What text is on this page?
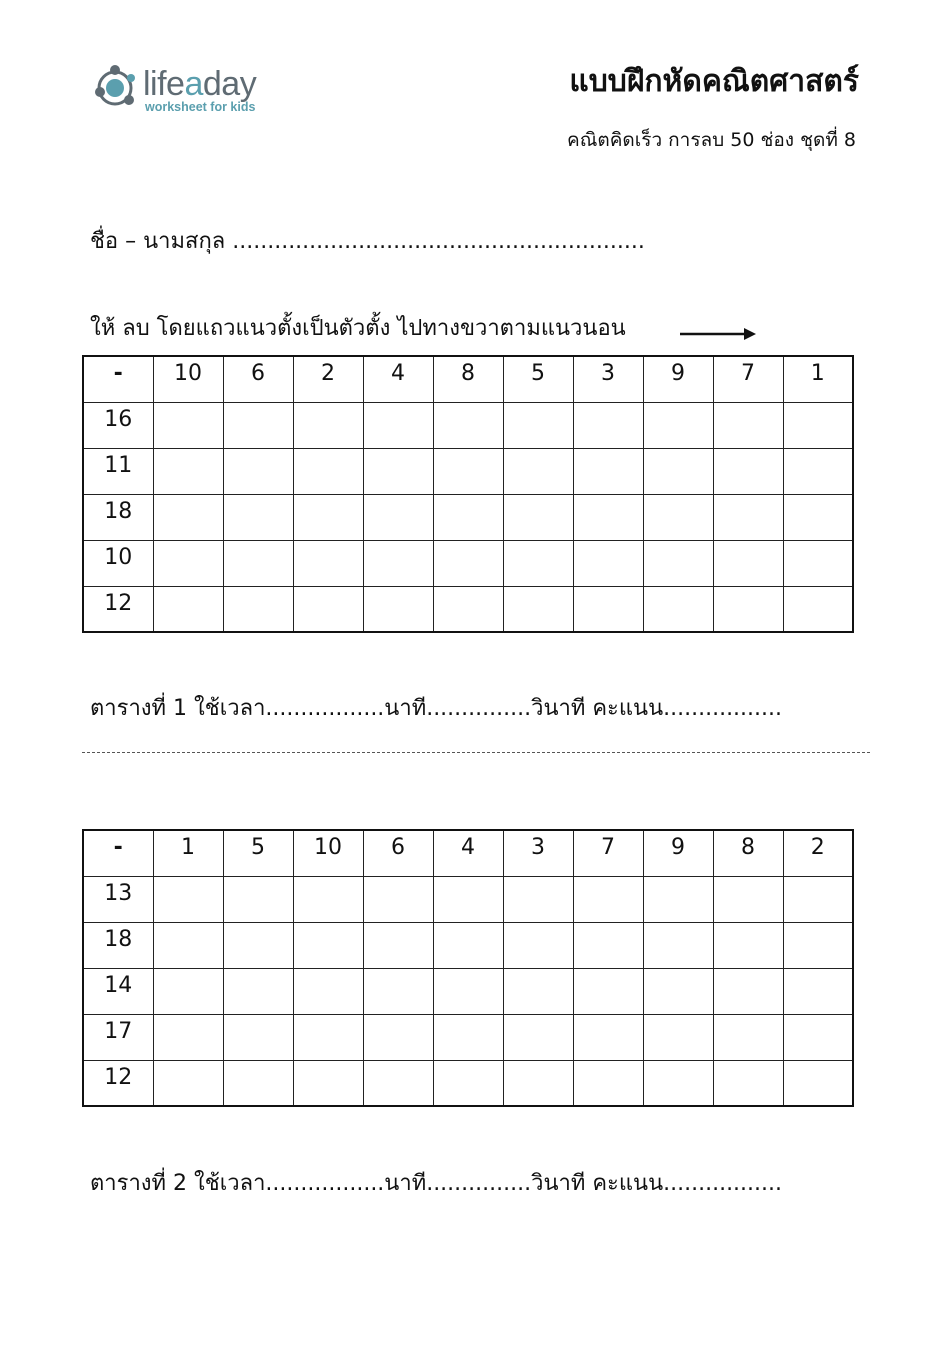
lifeaday
worksheet for kids
แบบฝึกหัดคณิตศาสตร์
คณิตคิดเร็ว การลบ 50 ช่อง ชุดที่ 8
ชื่อ – นามสกุล ...........................................................
ให้ ลบ โดยแถวแนวตั้งเป็นตัวตั้ง ไปทางขวาตามแนวนอน
-	10	6	2	4	8	5	3	9	7	1
16										
11										
18										
10										
12										
ตารางที่ 1 ใช้เวลา.................นาที...............วินาที คะแนน.................
-	1	5	10	6	4	3	7	9	8	2
13										
18										
14										
17										
12										
ตารางที่ 2 ใช้เวลา.................นาที...............วินาที คะแนน.................
